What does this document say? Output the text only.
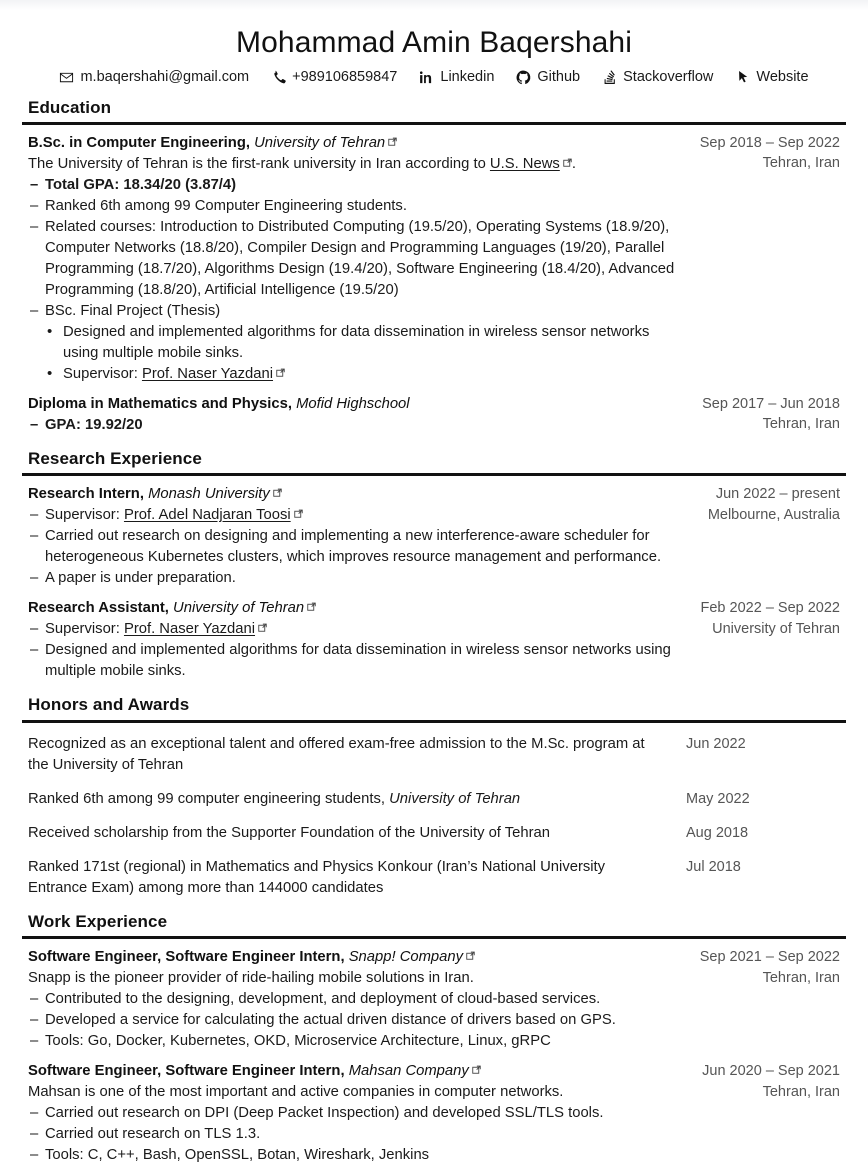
Mohammad Amin Baqershahi
m.baqershahi@gmail.com	+989106859847	Linkedin	Github	Stackoverflow	Website
Education
B.Sc. in Computer Engineering, University of Tehran
The University of Tehran is the first-rank university in Iran according to U.S. News .
– Total GPA: 18.34/20 (3.87/4)
– Ranked 6th among 99 Computer Engineering students.
– Related courses: Introduction to Distributed Computing (19.5/20), Operating Systems (18.9/20), Computer Networks (18.8/20), Compiler Design and Programming Languages (19/20), Parallel Programming (18.7/20), Algorithms Design (19.4/20), Software Engineering (18.4/20), Advanced Programming (18.8/20), Artificial Intelligence (19.5/20)
– BSc. Final Project (Thesis)
• Designed and implemented algorithms for data dissemination in wireless sensor networks using multiple mobile sinks.
• Supervisor: Prof. Naser Yazdani
Sep 2018 – Sep 2022
Tehran, Iran
Diploma in Mathematics and Physics, Mofid Highschool
– GPA: 19.92/20
Sep 2017 – Jun 2018
Tehran, Iran
Research Experience
Research Intern, Monash University
– Supervisor: Prof. Adel Nadjaran Toosi
– Carried out research on designing and implementing a new interference-aware scheduler for heterogeneous Kubernetes clusters, which improves resource management and performance.
– A paper is under preparation.
Jun 2022 – present
Melbourne, Australia
Research Assistant, University of Tehran
– Supervisor: Prof. Naser Yazdani
– Designed and implemented algorithms for data dissemination in wireless sensor networks using multiple mobile sinks.
Feb 2022 – Sep 2022
University of Tehran
Honors and Awards
Recognized as an exceptional talent and offered exam-free admission to the M.Sc. program at the University of Tehran
Jun 2022
Ranked 6th among 99 computer engineering students, University of Tehran	May 2022
Received scholarship from the Supporter Foundation of the University of Tehran	Aug 2018
Ranked 171st (regional) in Mathematics and Physics Konkour (Iran’s National University Entrance Exam) among more than 144000 candidates
Jul 2018
Work Experience
Software Engineer, Software Engineer Intern, Snapp! Company
Snapp is the pioneer provider of ride-hailing mobile solutions in Iran.
– Contributed to the designing, development, and deployment of cloud-based services.
– Developed a service for calculating the actual driven distance of drivers based on GPS.
– Tools: Go, Docker, Kubernetes, OKD, Microservice Architecture, Linux, gRPC
Sep 2021 – Sep 2022
Tehran, Iran
Software Engineer, Software Engineer Intern, Mahsan Company
Mahsan is one of the most important and active companies in computer networks.
– Carried out research on DPI (Deep Packet Inspection) and developed SSL/TLS tools.
– Carried out research on TLS 1.3.
– Tools: C, C++, Bash, OpenSSL, Botan, Wireshark, Jenkins
Jun 2020 – Sep 2021
Tehran, Iran
